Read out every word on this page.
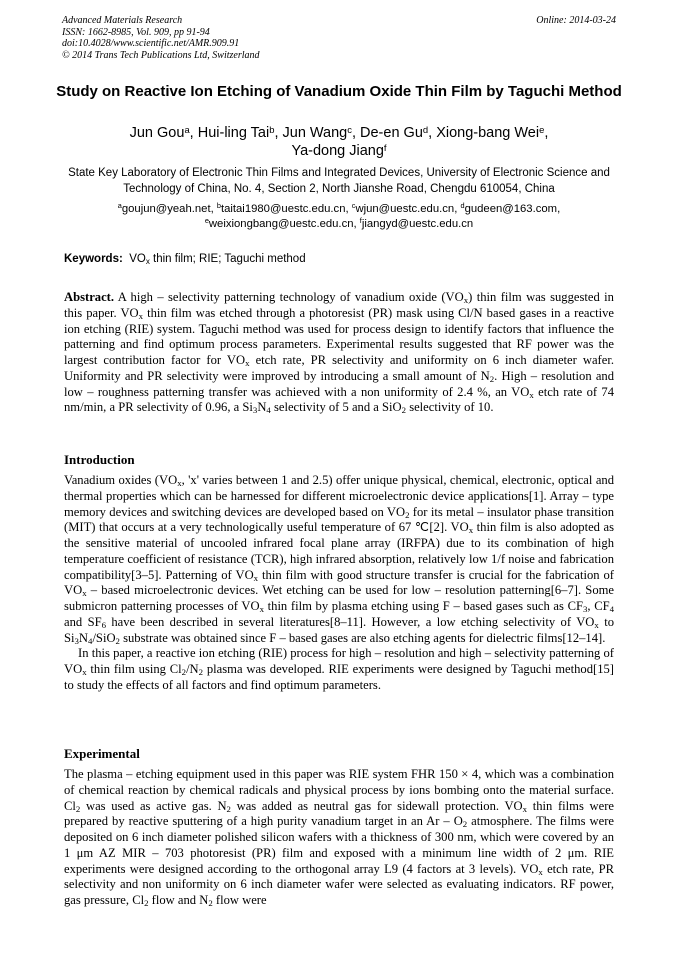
Advanced Materials Research
ISSN: 1662-8985, Vol. 909, pp 91-94
doi:10.4028/www.scientific.net/AMR.909.91
© 2014 Trans Tech Publications Ltd, Switzerland
Online: 2014-03-24
Study on Reactive Ion Etching of Vanadium Oxide Thin Film by Taguchi Method
Jun Gou$^a$, Hui-ling Tai$^b$, Jun Wang$^c$, De-en Gu$^d$, Xiong-bang Wei$^e$,
Ya-dong Jiang$^f$
State Key Laboratory of Electronic Thin Films and Integrated Devices, University of Electronic Science and Technology of China, No. 4, Section 2, North Jianshe Road, Chengdu 610054, China
$^a$goujun@yeah.net, $^b$taitai1980@uestc.edu.cn, $^c$wjun@uestc.edu.cn, $^d$gudeen@163.com,
$^e$weixiongbang@uestc.edu.cn, $^f$jiangyd@uestc.edu.cn
Keywords: $VO_x$ thin film; RIE; Taguchi method

Abstract. A high – selectivity patterning technology of vanadium oxide $(VO_x)$ thin film was suggested in this paper. $VO_x$ thin film was etched through a photoresist (PR) mask using Cl/N based gases in a reactive ion etching (RIE) system. Taguchi method was used for process design to identify factors that influence the patterning and find optimum process parameters. Experimental results suggested that RF power was the largest contribution factor for $VO_x$ etch rate, PR selectivity and uniformity on 6 inch diameter wafer. Uniformity and PR selectivity were improved by introducing a small amount of $N_2$. High – resolution and low – roughness patterning transfer was achieved with a non uniformity of 2.4 %, an $VO_x$ etch rate of 74 nm/min, a PR selectivity of 0.96, a $Si_3N_4$ selectivity of 5 and a SiO$_2$ selectivity of 10.

Introduction

Vanadium oxides ($VO_x$, 'x' varies between 1 and 2.5) offer unique physical, chemical, electronic, optical and thermal properties which can be harnessed for different microelectronic device applications[1]. Array – type memory devices and switching devices are developed based on $VO_2$ for its metal – insulator phase transition (MIT) that occurs at a very technologically useful temperature of 67 ℃[2]. $VO_x$ thin film is also adopted as the sensitive material of uncooled infrared focal plane array (IRFPA) due to its combination of high temperature coefficient of resistance (TCR), high infrared absorption, relatively low 1/f noise and fabrication compatibility[3–5]. Patterning of $VO_x$ thin film with good structure transfer is crucial for the fabrication of $VO_x$ – based microelectronic devices. Wet etching can be used for low – resolution patterning[6–7]. Some submicron patterning processes of $VO_x$ thin film by plasma etching using F – based gases such as $CF_3$, $CF_4$ and $SF_6$ have been described in several literatures[8–11]. However, a low etching selectivity of $VO_x$ to $Si_3N_4/SiO_2$ substrate was obtained since F – based gases are also etching agents for dielectric films[12–14].

In this paper, a reactive ion etching (RIE) process for high – resolution and high – selectivity patterning of $VO_x$ thin film using $Cl_2/N_2$ plasma was developed. RIE experiments were designed by Taguchi method[15] to study the effects of all factors and find optimum parameters.

Experimental

The plasma – etching equipment used in this paper was RIE system FHR 150 × 4, which was a combination of chemical reaction by chemical radicals and physical process by ions bombing onto the material surface. $Cl_2$ was used as active gas. $N_2$ was added as neutral gas for sidewall protection. $VO_x$ thin films were prepared by reactive sputtering of a high purity vanadium target in an Ar – $O_2$ atmosphere. The films were deposited on 6 inch diameter polished silicon wafers with a thickness of 300 nm, which were covered by an 1 μm AZ MIR – 703 photoresist (PR) film and exposed with a minimum line width of 2 μm. RIE experiments were designed according to the orthogonal array L9 (4 factors at 3 levels). $VO_x$ etch rate, PR selectivity and non uniformity on 6 inch diameter wafer were selected as evaluating indicators. RF power, gas pressure, $Cl_2$ flow and $N_2$ flow were
